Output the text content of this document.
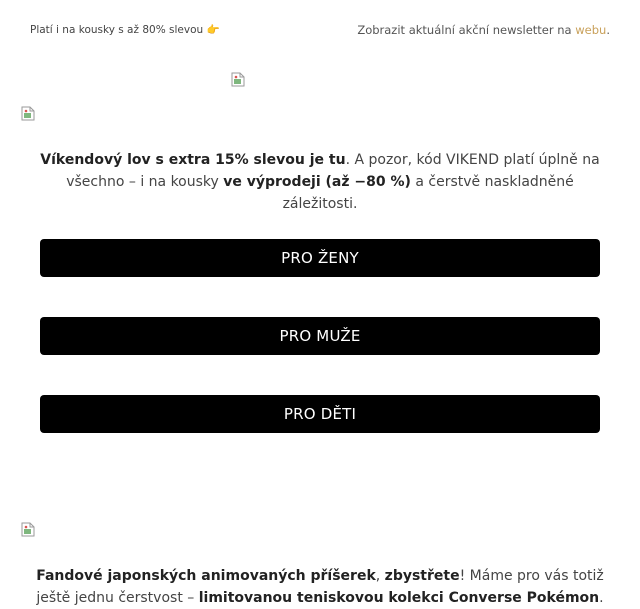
Platí i na kousky s až 80% slevou 👉	Zobrazit aktuální akční newsletter na webu.
Víkendový lov s extra 15% slevou je tu. A pozor, kód VIKEND platí úplně na všechno – i na kousky ve výprodeji (až −80 %) a čerstvě naskladněné záležitosti.
PRO ŽENY
PRO MUŽE
PRO DĚTI
Fandové japonských animovaných příšerek, zbystřete! Máme pro vás totiž ještě jednu čerstvost – limitovanou teniskovou kolekci Converse Pokémon.
